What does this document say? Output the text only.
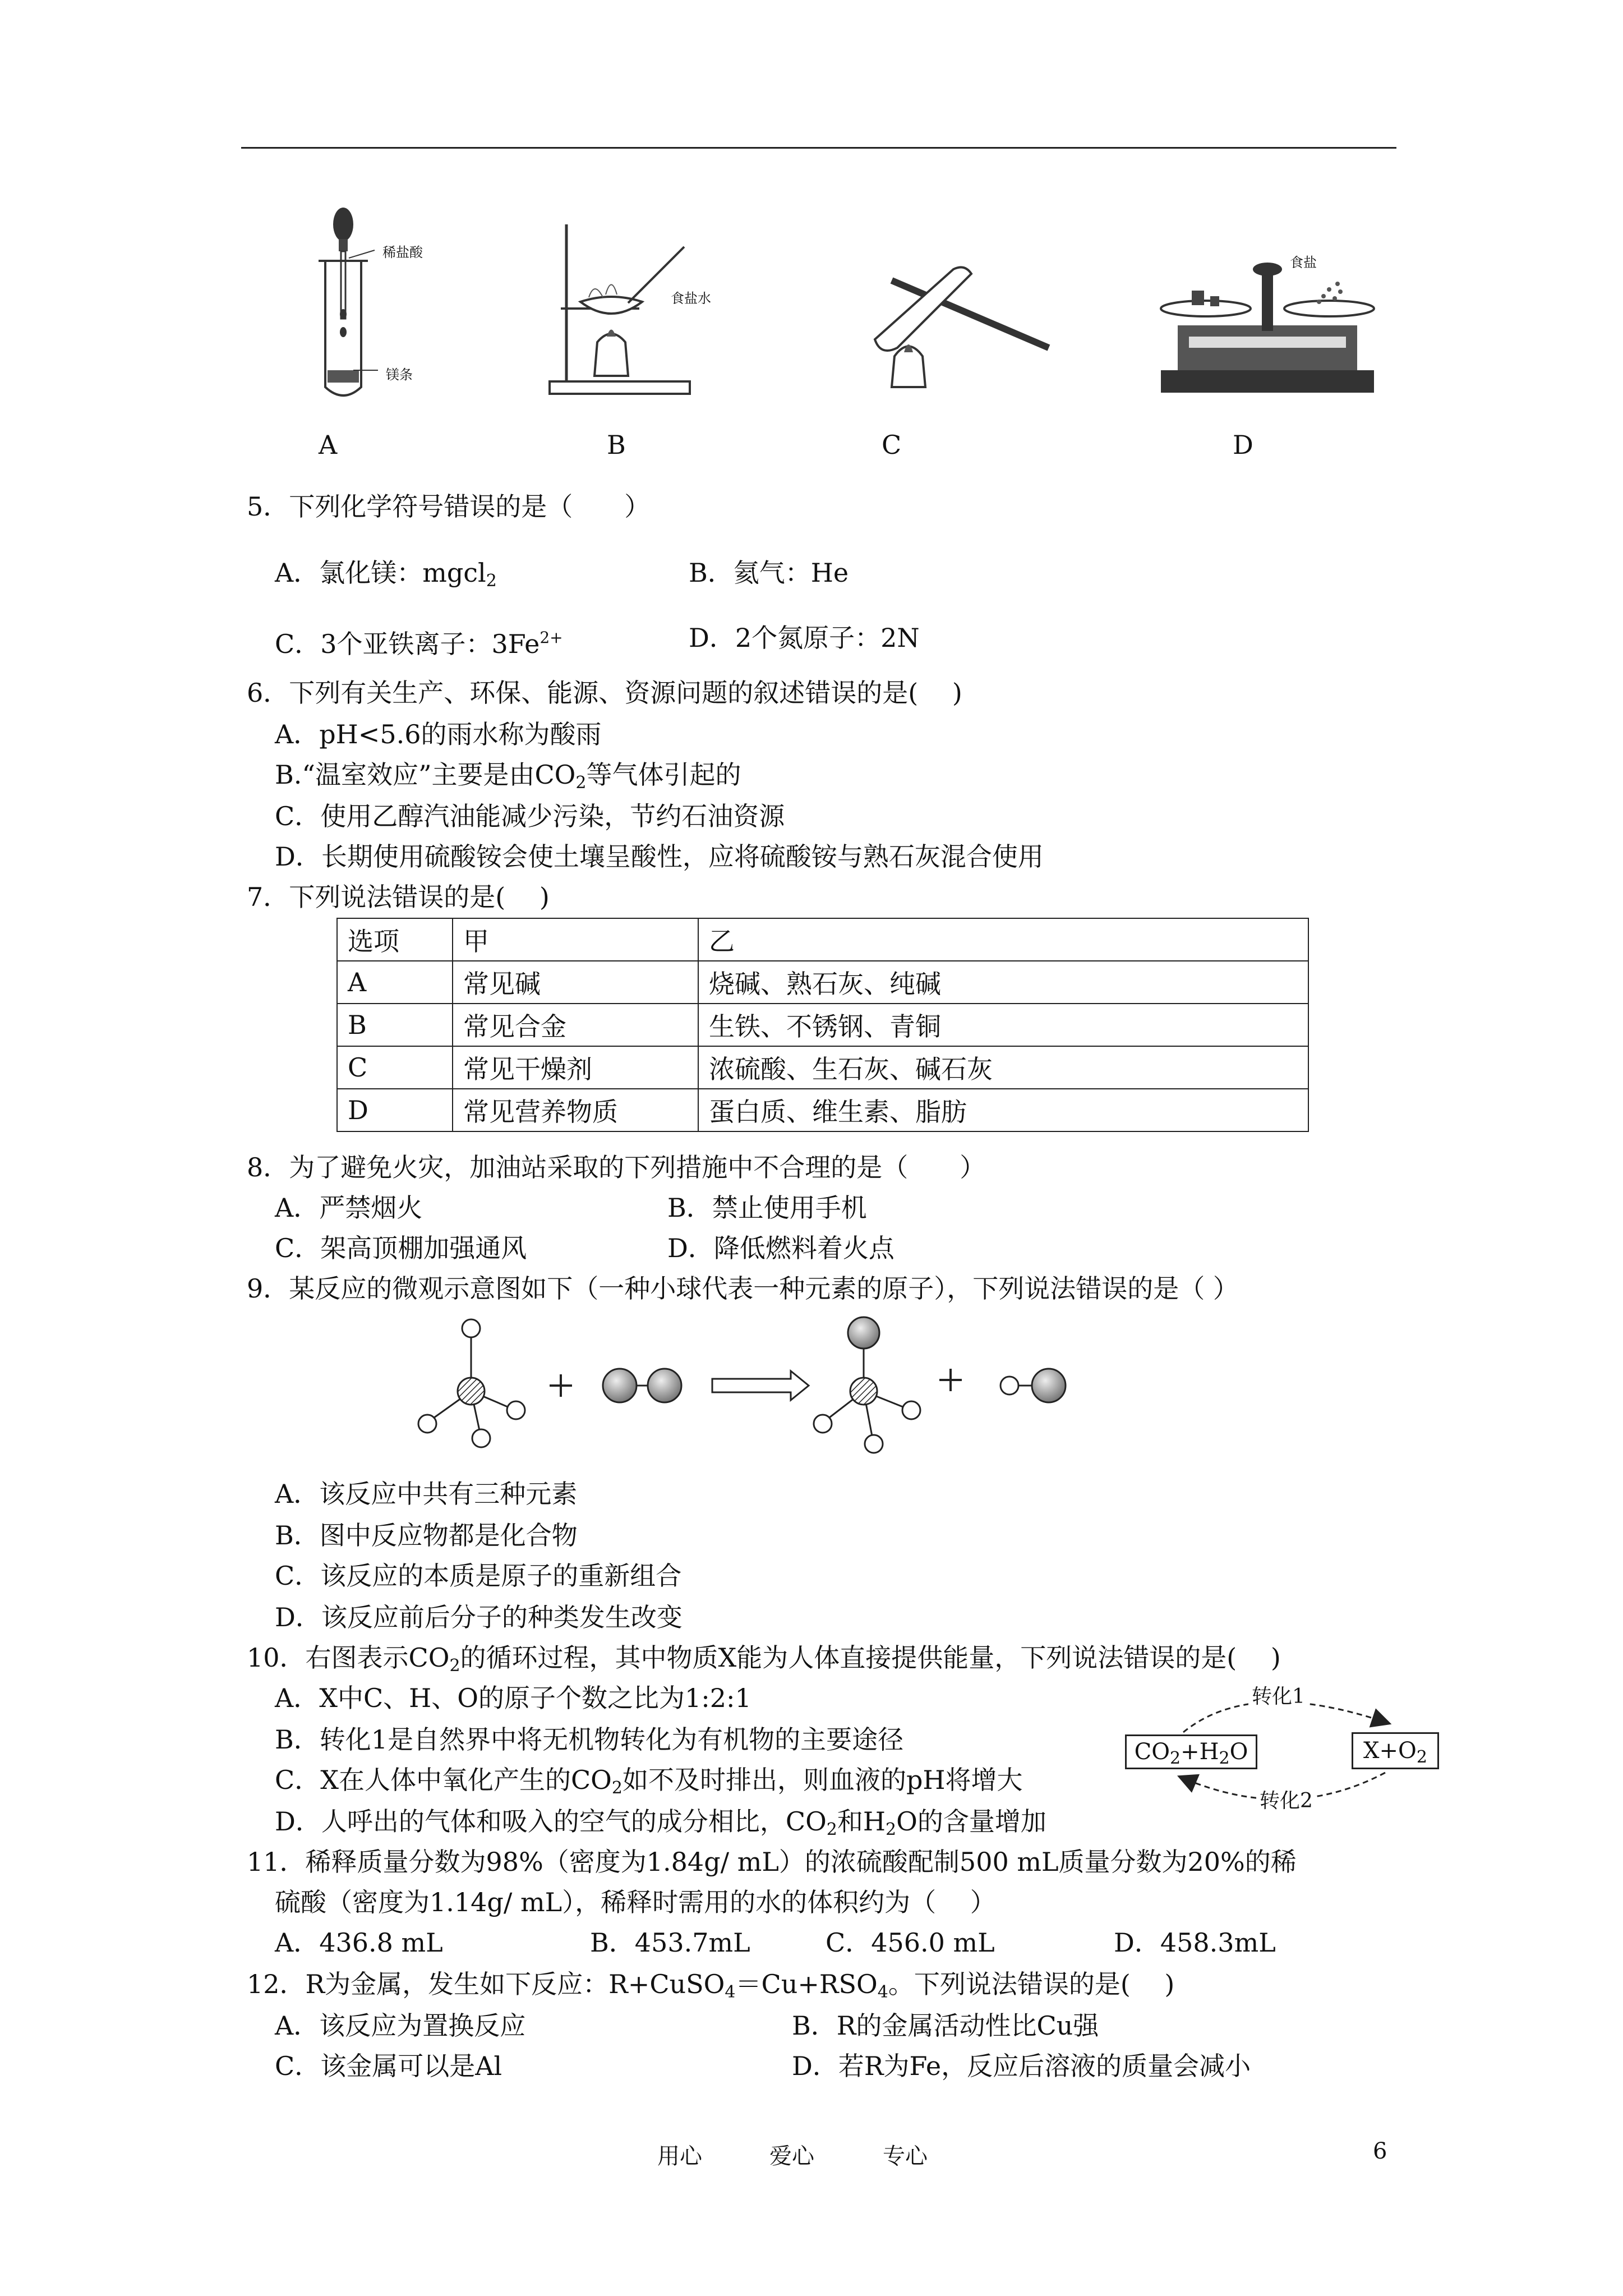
稀盐酸
镁条
食盐水
食盐
A	B	C	D
5．下列化学符号错误的是（　　）
A．氯化镁：mgcl$_2$	B．氦气：He
C．3个亚铁离子：$3Fe^{2+}$	D．2个氮原子：2N
6．下列有关生产、环保、能源、资源问题的叙述错误的是(　 )
A．pH<5.6的雨水称为酸雨
B.“温室效应”主要是由$CO_2$等气体引起的
C．使用乙醇汽油能减少污染，节约石油资源
D．长期使用硫酸铵会使土壤呈酸性，应将硫酸铵与熟石灰混合使用
7．下列说法错误的是(　 )
选项	甲	乙
A	常见碱	烧碱、熟石灰、纯碱
B	常见合金	生铁、不锈钢、青铜
C	常见干燥剂	浓硫酸、生石灰、碱石灰
D	常见营养物质	蛋白质、维生素、脂肪
8．为了避免火灾，加油站采取的下列措施中不合理的是（　　）
A．严禁烟火	B．禁止使用手机
C．架高顶棚加强通风	D．降低燃料着火点
9．某反应的微观示意图如下（一种小球代表一种元素的原子），下列说法错误的是（ ）
A．该反应中共有三种元素
B．图中反应物都是化合物
C．该反应的本质是原子的重新组合
D．该反应前后分子的种类发生改变
10．右图表示$CO_2$的循环过程，其中物质X能为人体直接提供能量，下列说法错误的是(　 )
A．X中C、H、O的原子个数之比为1:2:1
B．转化1是自然界中将无机物转化为有机物的主要途径
C．X在人体中氧化产生的$CO_2$如不及时排出，则血液的pH将增大
D．人呼出的气体和吸入的空气的成分相比，$CO_2$和$H_2O$的含量增加
$CO_2+H_2O$	$X+O_2$
转化1
转化2
11．稀释质量分数为98%（密度为1.84g/ mL）的浓硫酸配制500 mL质量分数为20%的稀
硫酸（密度为1.14g/ mL），稀释时需用的水的体积约为（　 ）
A．436.8 mL	B．453.7mL	C．456.0 mL	D．458.3mL
12．R为金属，发生如下反应：$R+CuSO_4=Cu+RSO_4$。下列说法错误的是(　 )
A．该反应为置换反应	B．R的金属活动性比Cu强
C．该金属可以是Al	D．若R为Fe，反应后溶液的质量会减小
用心	爱心	专心	6
